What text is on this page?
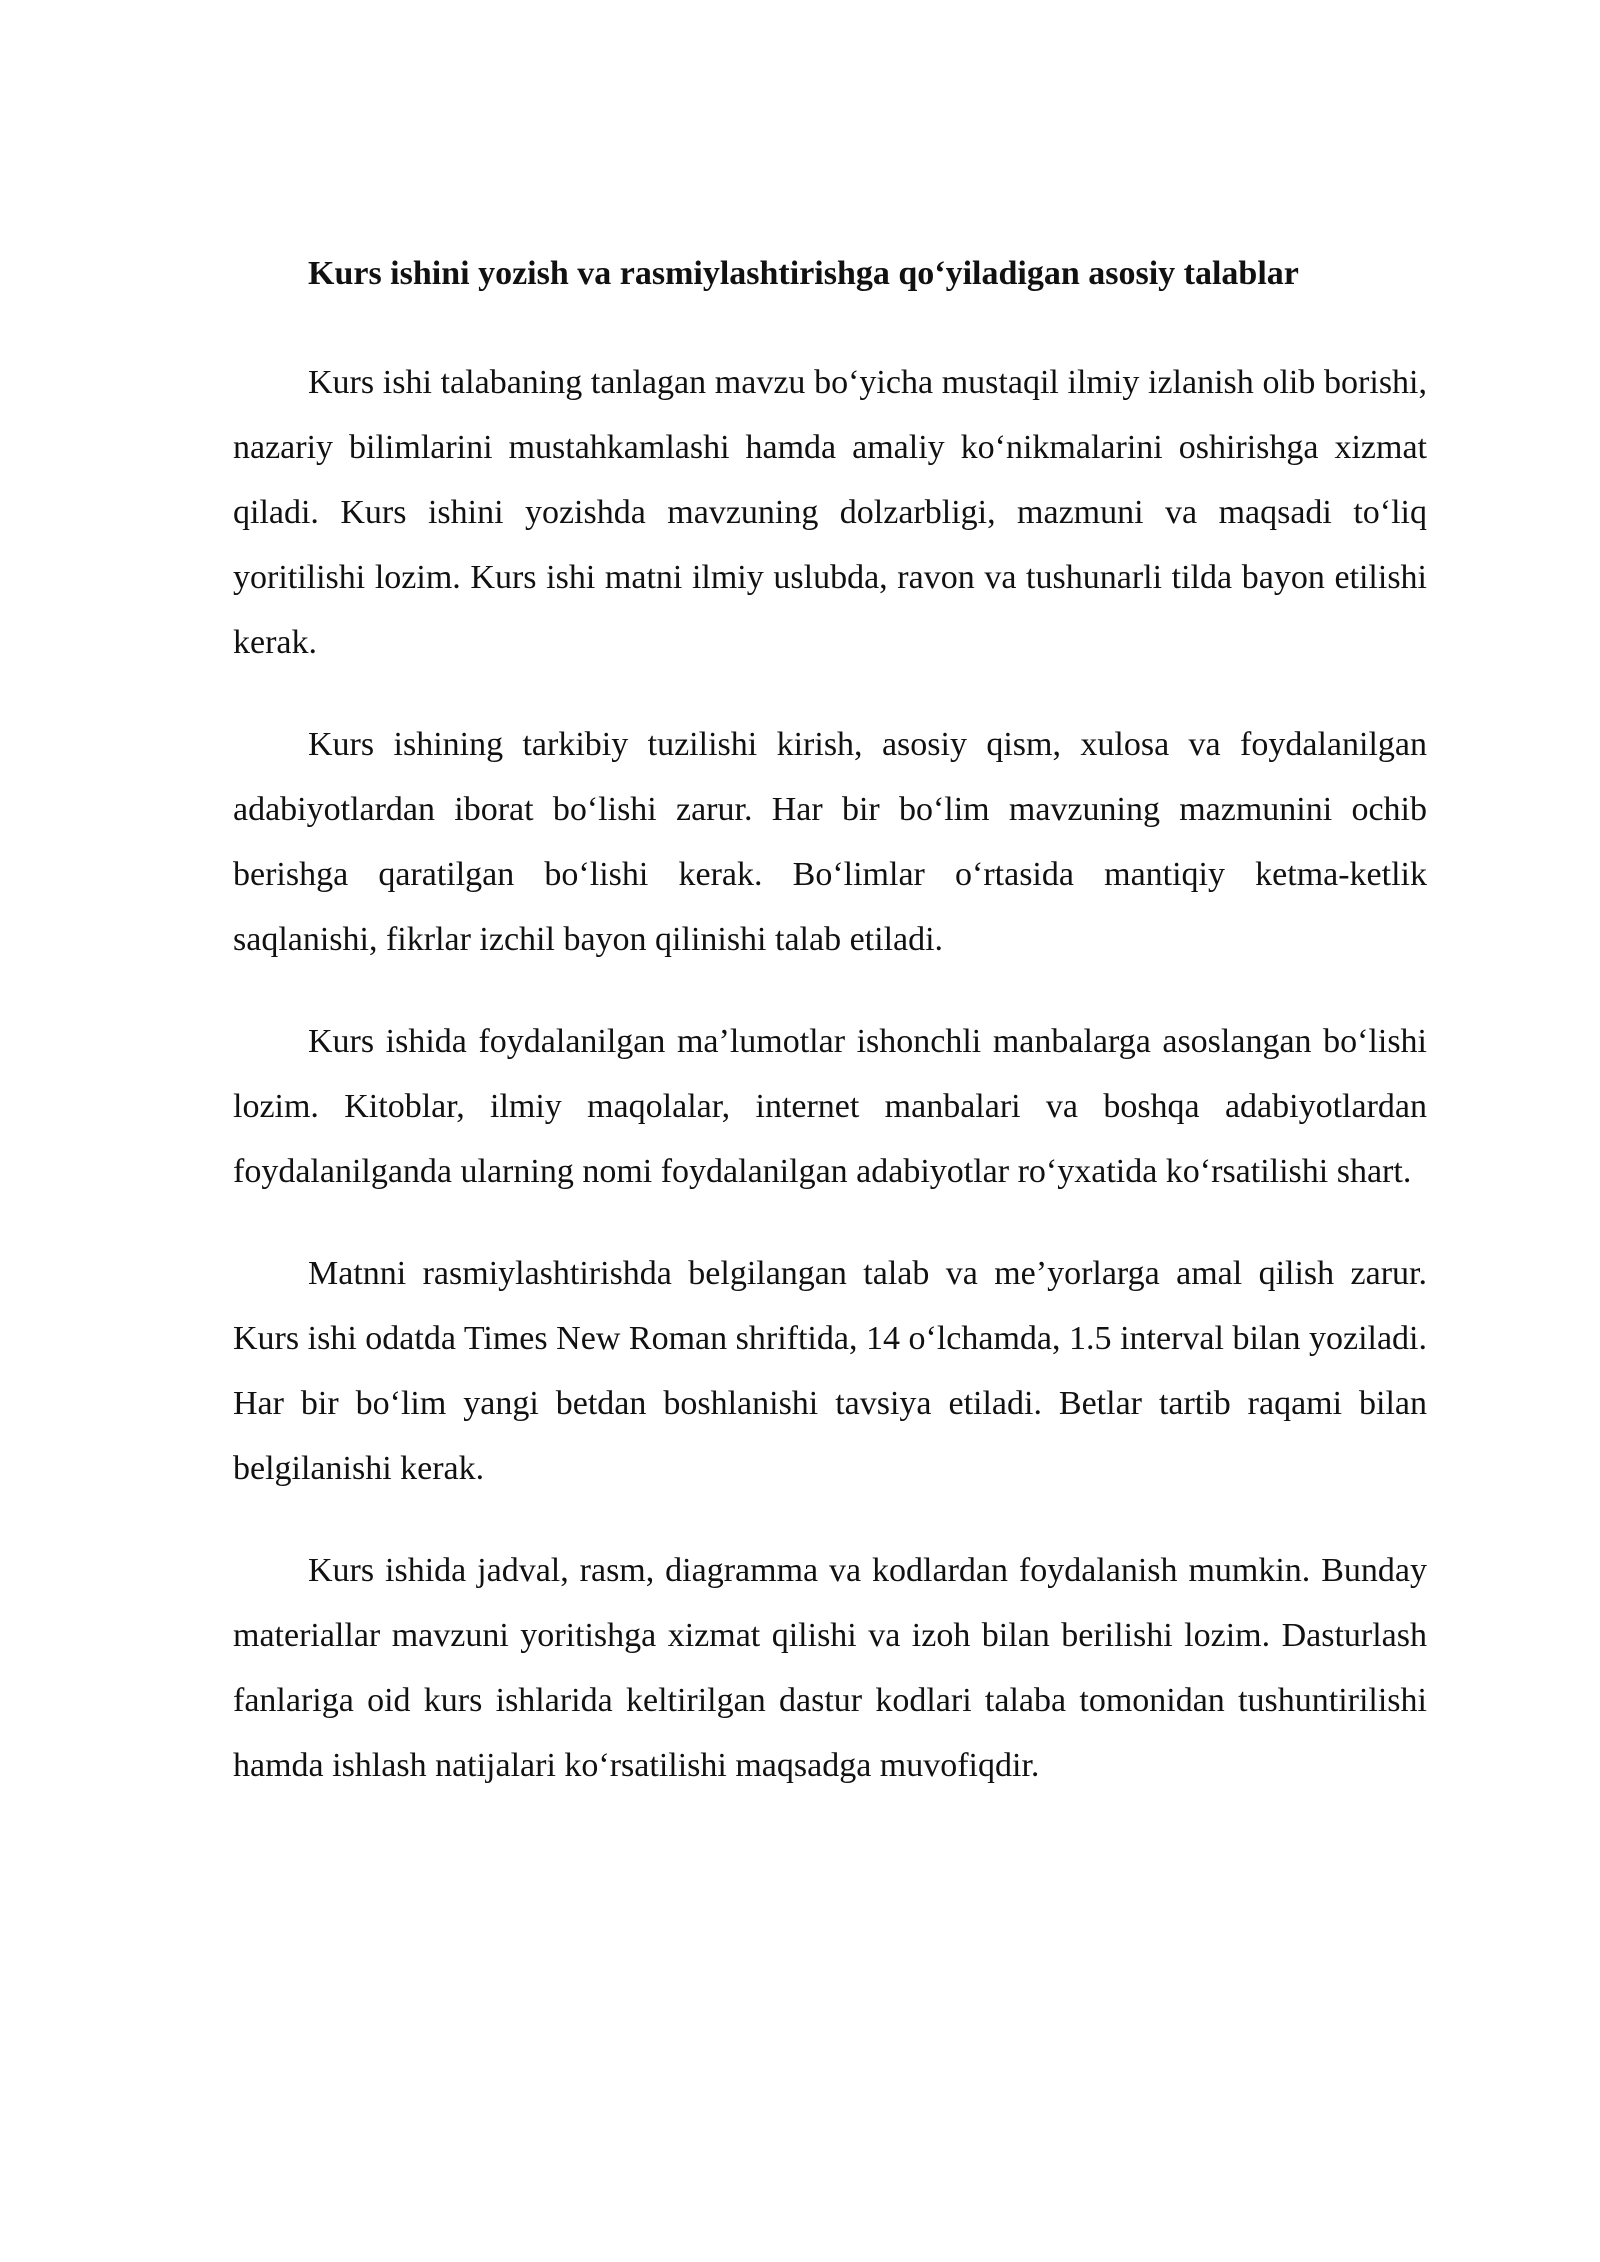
Kurs ishini yozish va rasmiylashtirishga qo‘yiladigan asosiy talablar

Kurs ishi talabaning tanlagan mavzu bo‘yicha mustaqil ilmiy izlanish olib borishi, nazariy bilimlarini mustahkamlashi hamda amaliy ko‘nikmalarini oshirishga xizmat qiladi. Kurs ishini yozishda mavzuning dolzarbligi, mazmuni va maqsadi to‘liq yoritilishi lozim. Kurs ishi matni ilmiy uslubda, ravon va tushunarli tilda bayon etilishi kerak.

Kurs ishining tarkibiy tuzilishi kirish, asosiy qism, xulosa va foydalanilgan adabiyotlardan iborat bo‘lishi zarur. Har bir bo‘lim mavzuning mazmunini ochib berishga qaratilgan bo‘lishi kerak. Bo‘limlar o‘rtasida mantiqiy ketma-ketlik saqlanishi, fikrlar izchil bayon qilinishi talab etiladi.

Kurs ishida foydalanilgan ma’lumotlar ishonchli manbalarga asoslangan bo‘lishi lozim. Kitoblar, ilmiy maqolalar, internet manbalari va boshqa adabiyotlardan foydalanilganda ularning nomi foydalanilgan adabiyotlar ro‘yxatida ko‘rsatilishi shart.

Matnni rasmiylashtirishda belgilangan talab va me’yorlarga amal qilish zarur. Kurs ishi odatda Times New Roman shriftida, 14 o‘lchamda, 1.5 interval bilan yoziladi. Har bir bo‘lim yangi betdan boshlanishi tavsiya etiladi. Betlar tartib raqami bilan belgilanishi kerak.

Kurs ishida jadval, rasm, diagramma va kodlardan foydalanish mumkin. Bunday materiallar mavzuni yoritishga xizmat qilishi va izoh bilan berilishi lozim. Dasturlash fanlariga oid kurs ishlarida keltirilgan dastur kodlari talaba tomonidan tushuntirilishi hamda ishlash natijalari ko‘rsatilishi maqsadga muvofiqdir.
